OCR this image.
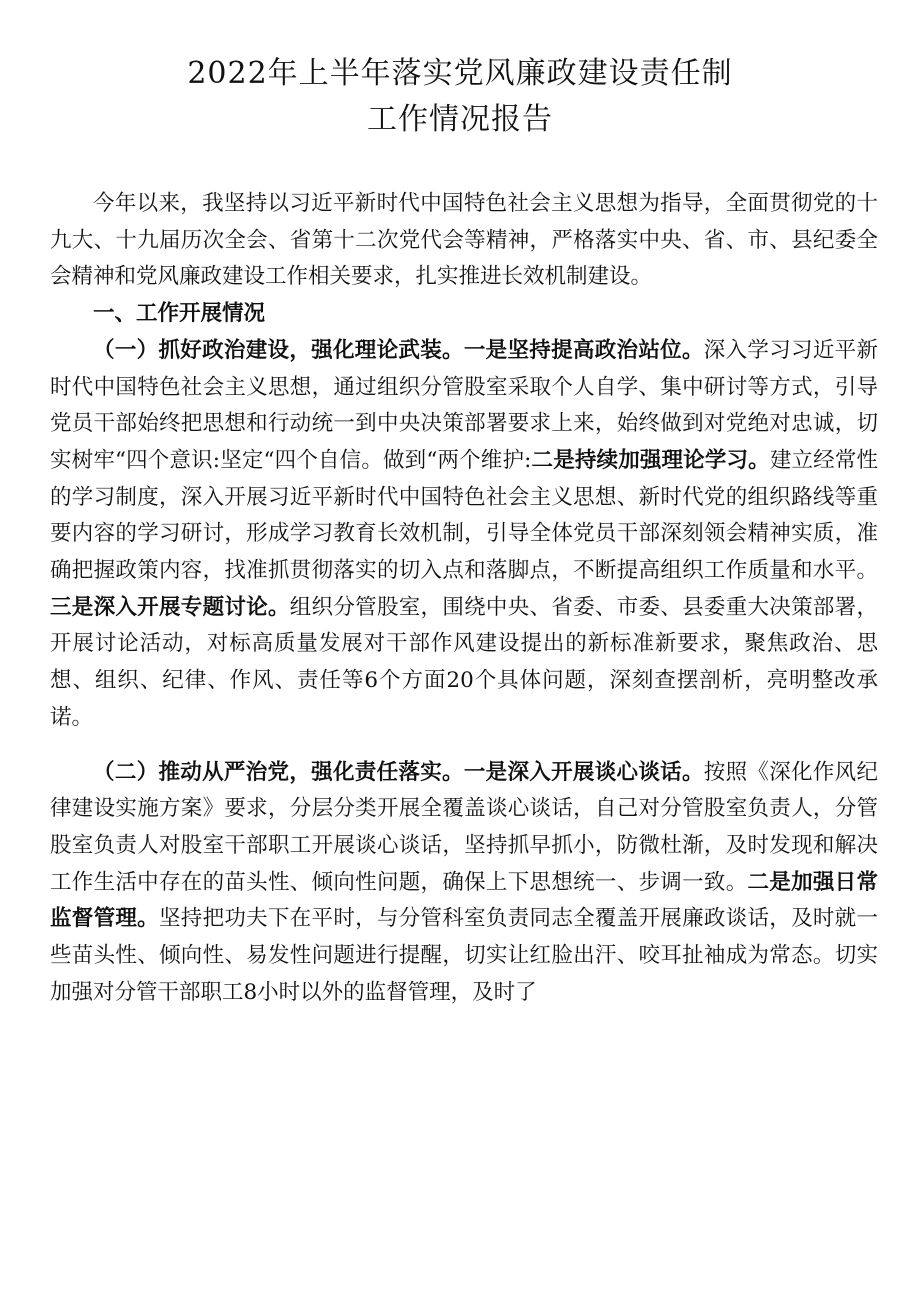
2022年上半年落实党风廉政建设责任制
工作情况报告

今年以来，我坚持以习近平新时代中国特色社会主义思想为指导，全面贯彻党的十九大、十九届历次全会、省第十二次党代会等精神，严格落实中央、省、市、县纪委全会精神和党风廉政建设工作相关要求，扎实推进长效机制建设。

一、工作开展情况

（一）抓好政治建设，强化理论武装。一是坚持提高政治站位。深入学习习近平新时代中国特色社会主义思想，通过组织分管股室采取个人自学、集中研讨等方式，引导党员干部始终把思想和行动统一到中央决策部署要求上来，始终做到对党绝对忠诚，切实树牢“四个意识:坚定“四个自信。做到“两个维护:二是持续加强理论学习。建立经常性的学习制度，深入开展习近平新时代中国特色社会主义思想、新时代党的组织路线等重要内容的学习研讨，形成学习教育长效机制，引导全体党员干部深刻领会精神实质，准确把握政策内容，找准抓贯彻落实的切入点和落脚点，不断提高组织工作质量和水平。三是深入开展专题讨论。组织分管股室，围绕中央、省委、市委、县委重大决策部署，开展讨论活动，对标高质量发展对干部作风建设提出的新标准新要求，聚焦政治、思想、组织、纪律、作风、责任等6个方面20个具体问题，深刻查摆剖析，亮明整改承诺。

（二）推动从严治党，强化责任落实。一是深入开展谈心谈话。按照《深化作风纪律建设实施方案》要求，分层分类开展全覆盖谈心谈话，自己对分管股室负责人，分管股室负责人对股室干部职工开展谈心谈话，坚持抓早抓小，防微杜渐，及时发现和解决工作生活中存在的苗头性、倾向性问题，确保上下思想统一、步调一致。二是加强日常监督管理。坚持把功夫下在平时，与分管科室负责同志全覆盖开展廉政谈话，及时就一些苗头性、倾向性、易发性问题进行提醒，切实让红脸出汗、咬耳扯袖成为常态。切实加强对分管干部职工8小时以外的监督管理，及时了
